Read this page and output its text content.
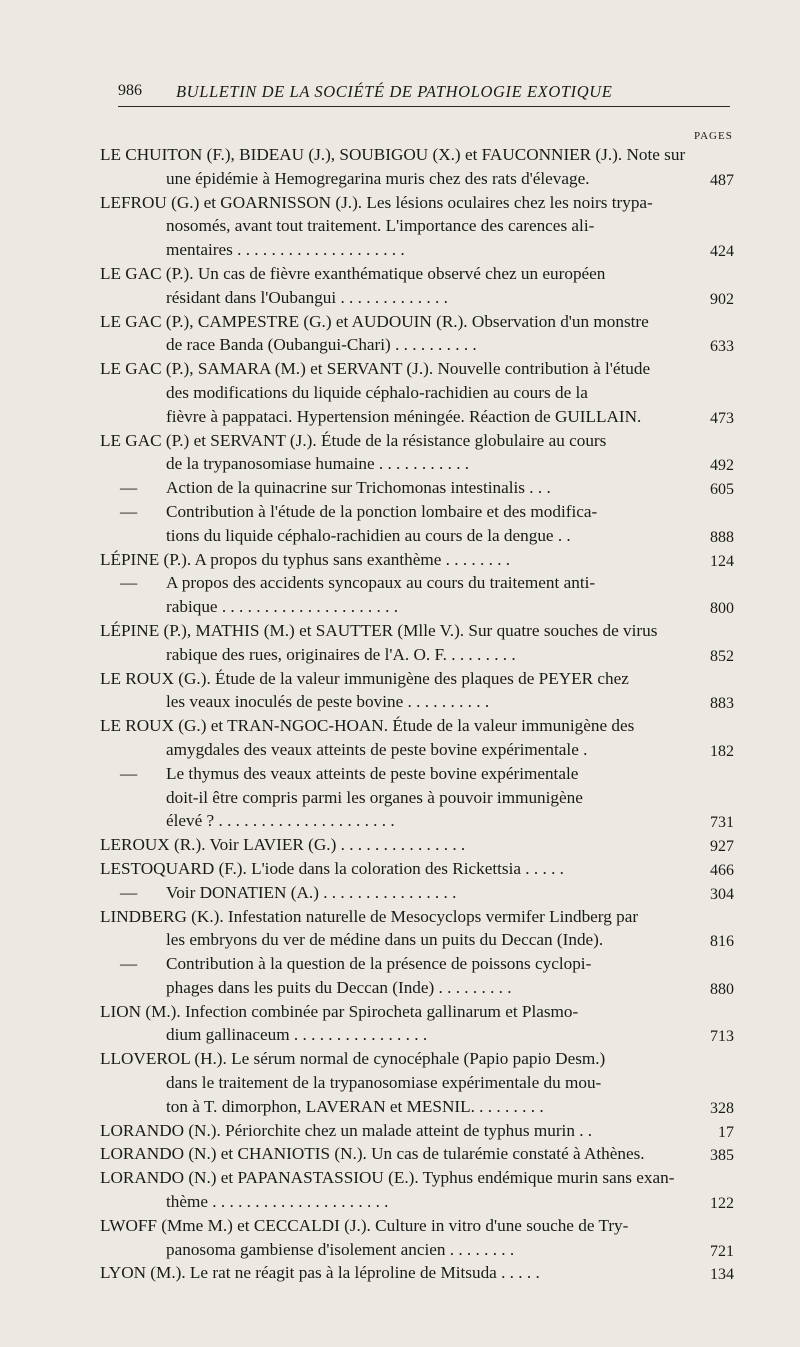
986 BULLETIN DE LA SOCIÉTÉ DE PATHOLOGIE EXOTIQUE
PAGES
LE CHUITON (F.), BIDEAU (J.), SOUBIGOU (X.) et FAUCONNIER (J.). Note sur
une épidémie à Hemogregarina muris chez des rats d'élevage.	487
LEFROU (G.) et GOARNISSON (J.). Les lésions oculaires chez les noirs trypa-
nosomés, avant tout traitement. L'importance des carences ali-
mentaires . . . . . . . . . . . . . . . . . . . .	424
LE GAC (P.). Un cas de fièvre exanthématique observé chez un européen
résidant dans l'Oubangui . . . . . . . . . . . . .	902
LE GAC (P.), CAMPESTRE (G.) et AUDOUIN (R.). Observation d'un monstre
de race Banda (Oubangui-Chari) . . . . . . . . . .	633
LE GAC (P.), SAMARA (M.) et SERVANT (J.). Nouvelle contribution à l'étude
des modifications du liquide céphalo-rachidien au cours de la
fièvre à pappataci. Hypertension méningée. Réaction de GUILLAIN.	473
LE GAC (P.) et SERVANT (J.). Étude de la résistance globulaire au cours
de la trypanosomiase humaine . . . . . . . . . . .	492
— Action de la quinacrine sur Trichomonas intestinalis . . .	605
— Contribution à l'étude de la ponction lombaire et des modifica-
tions du liquide céphalo-rachidien au cours de la dengue . .	888
LÉPINE (P.). A propos du typhus sans exanthème . . . . . . . .	124
— A propos des accidents syncopaux au cours du traitement anti-
rabique . . . . . . . . . . . . . . . . . . . . .	800
LÉPINE (P.), MATHIS (M.) et SAUTTER (Mlle V.). Sur quatre souches de virus
rabique des rues, originaires de l'A. O. F. . . . . . . . .	852
LE ROUX (G.). Étude de la valeur immunigène des plaques de PEYER chez
les veaux inoculés de peste bovine . . . . . . . . . .	883
LE ROUX (G.) et TRAN-NGOC-HOAN. Étude de la valeur immunigène des
amygdales des veaux atteints de peste bovine expérimentale .	182
— Le thymus des veaux atteints de peste bovine expérimentale
doit-il être compris parmi les organes à pouvoir immunigène
élevé ? . . . . . . . . . . . . . . . . . . . . .	731
LEROUX (R.). Voir LAVIER (G.) . . . . . . . . . . . . . . .	927
LESTOQUARD (F.). L'iode dans la coloration des Rickettsia . . . . .	466
— Voir DONATIEN (A.) . . . . . . . . . . . . . . . .	304
LINDBERG (K.). Infestation naturelle de Mesocyclops vermifer Lindberg par
les embryons du ver de médine dans un puits du Deccan (Inde).	816
— Contribution à la question de la présence de poissons cyclopi-
phages dans les puits du Deccan (Inde) . . . . . . . . .	880
LION (M.). Infection combinée par Spirocheta gallinarum et Plasmo-
dium gallinaceum . . . . . . . . . . . . . . . .	713
LLOVEROL (H.). Le sérum normal de cynocéphale (Papio papio Desm.)
dans le traitement de la trypanosomiase expérimentale du mou-
ton à T. dimorphon, LAVERAN et MESNIL. . . . . . . . .	328
LORANDO (N.). Périorchite chez un malade atteint de typhus murin . .	17
LORANDO (N.) et CHANIOTIS (N.). Un cas de tularémie constaté à Athènes.	385
LORANDO (N.) et PAPANASTASSIOU (E.). Typhus endémique murin sans exan-
thème . . . . . . . . . . . . . . . . . . . . .	122
LWOFF (Mme M.) et CECCALDI (J.). Culture in vitro d'une souche de Try-
panosoma gambiense d'isolement ancien . . . . . . . .	721
LYON (M.). Le rat ne réagit pas à la léproline de Mitsuda . . . . .	134
